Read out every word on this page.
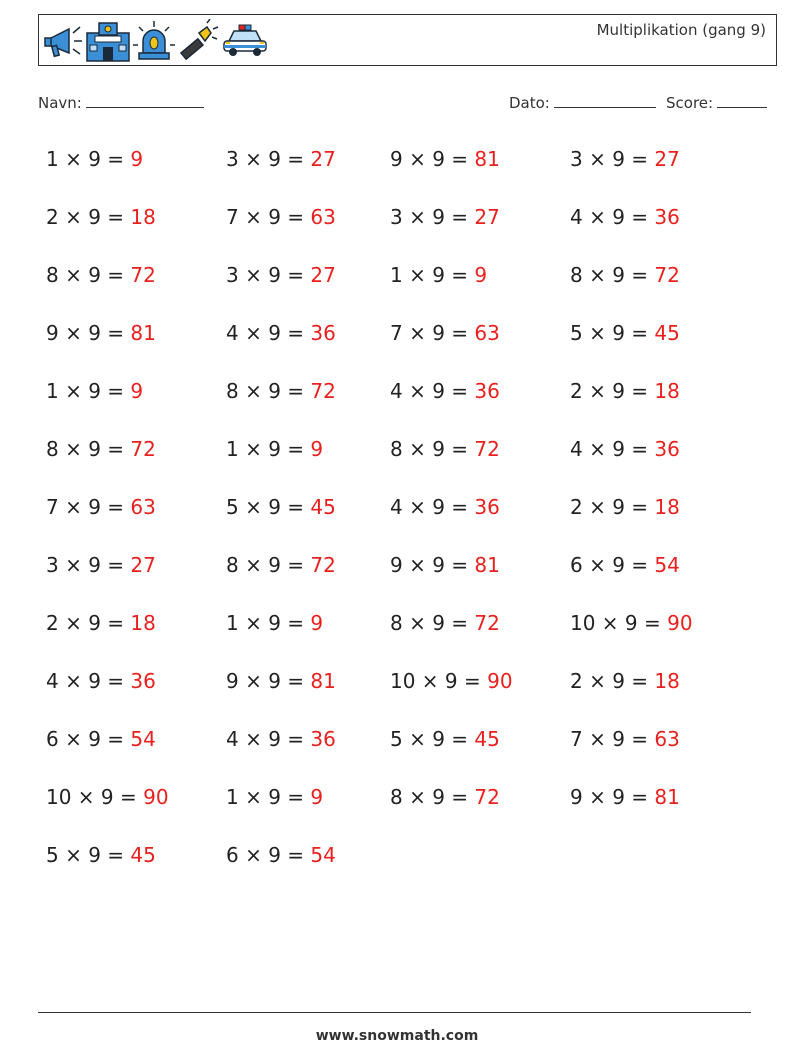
Multiplikation (gang 9)
Navn:	Dato:	Score:
1 × 9 = 9
2 × 9 = 18
8 × 9 = 72
9 × 9 = 81
1 × 9 = 9
8 × 9 = 72
7 × 9 = 63
3 × 9 = 27
2 × 9 = 18
4 × 9 = 36
6 × 9 = 54
10 × 9 = 90
5 × 9 = 45
3 × 9 = 27
7 × 9 = 63
3 × 9 = 27
4 × 9 = 36
8 × 9 = 72
1 × 9 = 9
5 × 9 = 45
8 × 9 = 72
1 × 9 = 9
9 × 9 = 81
4 × 9 = 36
1 × 9 = 9
6 × 9 = 54
9 × 9 = 81
3 × 9 = 27
1 × 9 = 9
7 × 9 = 63
4 × 9 = 36
8 × 9 = 72
4 × 9 = 36
9 × 9 = 81
8 × 9 = 72
10 × 9 = 90
5 × 9 = 45
8 × 9 = 72
3 × 9 = 27
4 × 9 = 36
8 × 9 = 72
5 × 9 = 45
2 × 9 = 18
4 × 9 = 36
2 × 9 = 18
6 × 9 = 54
10 × 9 = 90
2 × 9 = 18
7 × 9 = 63
9 × 9 = 81
www.snowmath.com
